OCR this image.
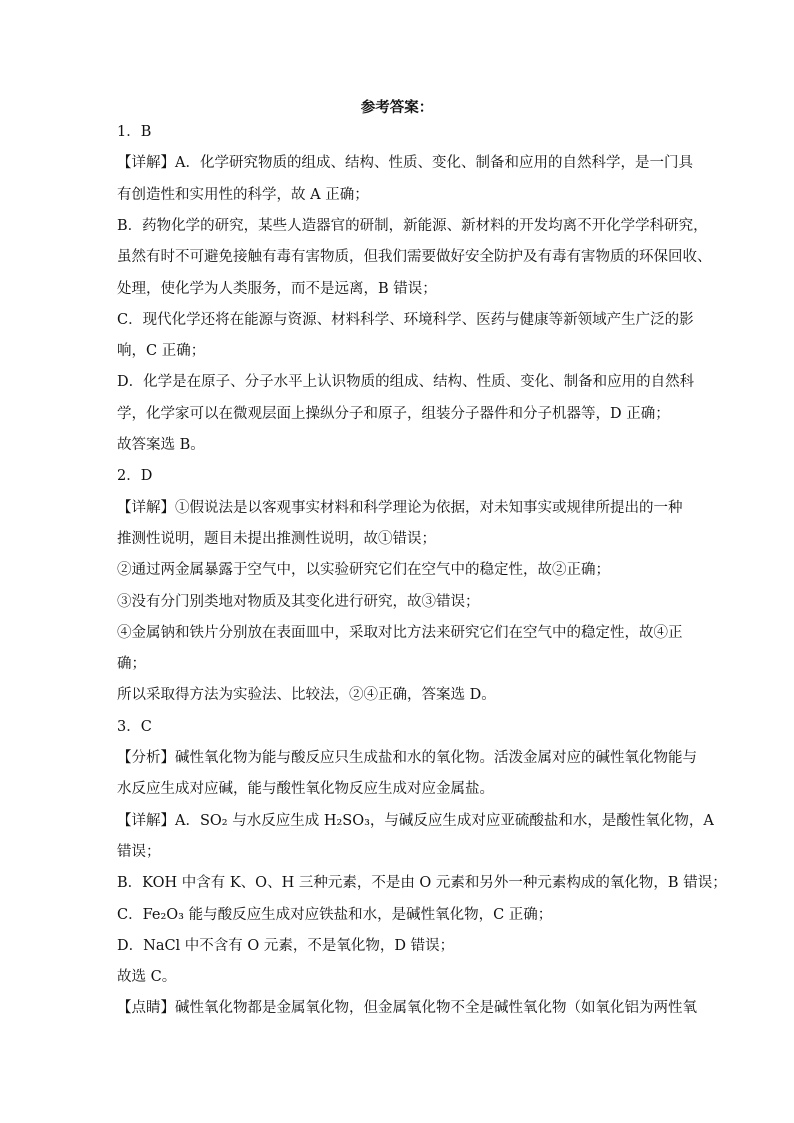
参考答案：
1．B
【详解】A．化学研究物质的组成、结构、性质、变化、制备和应用的自然科学，是一门具
有创造性和实用性的科学，故 A 正确；
B．药物化学的研究，某些人造器官的研制，新能源、新材料的开发均离不开化学学科研究，
虽然有时不可避免接触有毒有害物质，但我们需要做好安全防护及有毒有害物质的环保回收、
处理，使化学为人类服务，而不是远离，B 错误；
C．现代化学还将在能源与资源、材料科学、环境科学、医药与健康等新领域产生广泛的影
响，C 正确；
D．化学是在原子、分子水平上认识物质的组成、结构、性质、变化、制备和应用的自然科
学，化学家可以在微观层面上操纵分子和原子，组装分子器件和分子机器等，D 正确；
故答案选 B。
2．D
【详解】①假说法是以客观事实材料和科学理论为依据，对未知事实或规律所提出的一种
推测性说明，题目未提出推测性说明，故①错误；
②通过两金属暴露于空气中，以实验研究它们在空气中的稳定性，故②正确；
③没有分门别类地对物质及其变化进行研究，故③错误；
④金属钠和铁片分别放在表面皿中，采取对比方法来研究它们在空气中的稳定性，故④正
确；
所以采取得方法为实验法、比较法，②④正确，答案选 D。
3．C
【分析】碱性氧化物为能与酸反应只生成盐和水的氧化物。活泼金属对应的碱性氧化物能与
水反应生成对应碱，能与酸性氧化物反应生成对应金属盐。
【详解】A．SO₂ 与水反应生成 H₂SO₃，与碱反应生成对应亚硫酸盐和水，是酸性氧化物，A
错误；
B．KOH 中含有 K、O、H 三种元素，不是由 O 元素和另外一种元素构成的氧化物，B 错误；
C．Fe₂O₃ 能与酸反应生成对应铁盐和水，是碱性氧化物，C 正确；
D．NaCl 中不含有 O 元素，不是氧化物，D 错误；
故选 C。
【点睛】碱性氧化物都是金属氧化物，但金属氧化物不全是碱性氧化物（如氧化铝为两性氧
